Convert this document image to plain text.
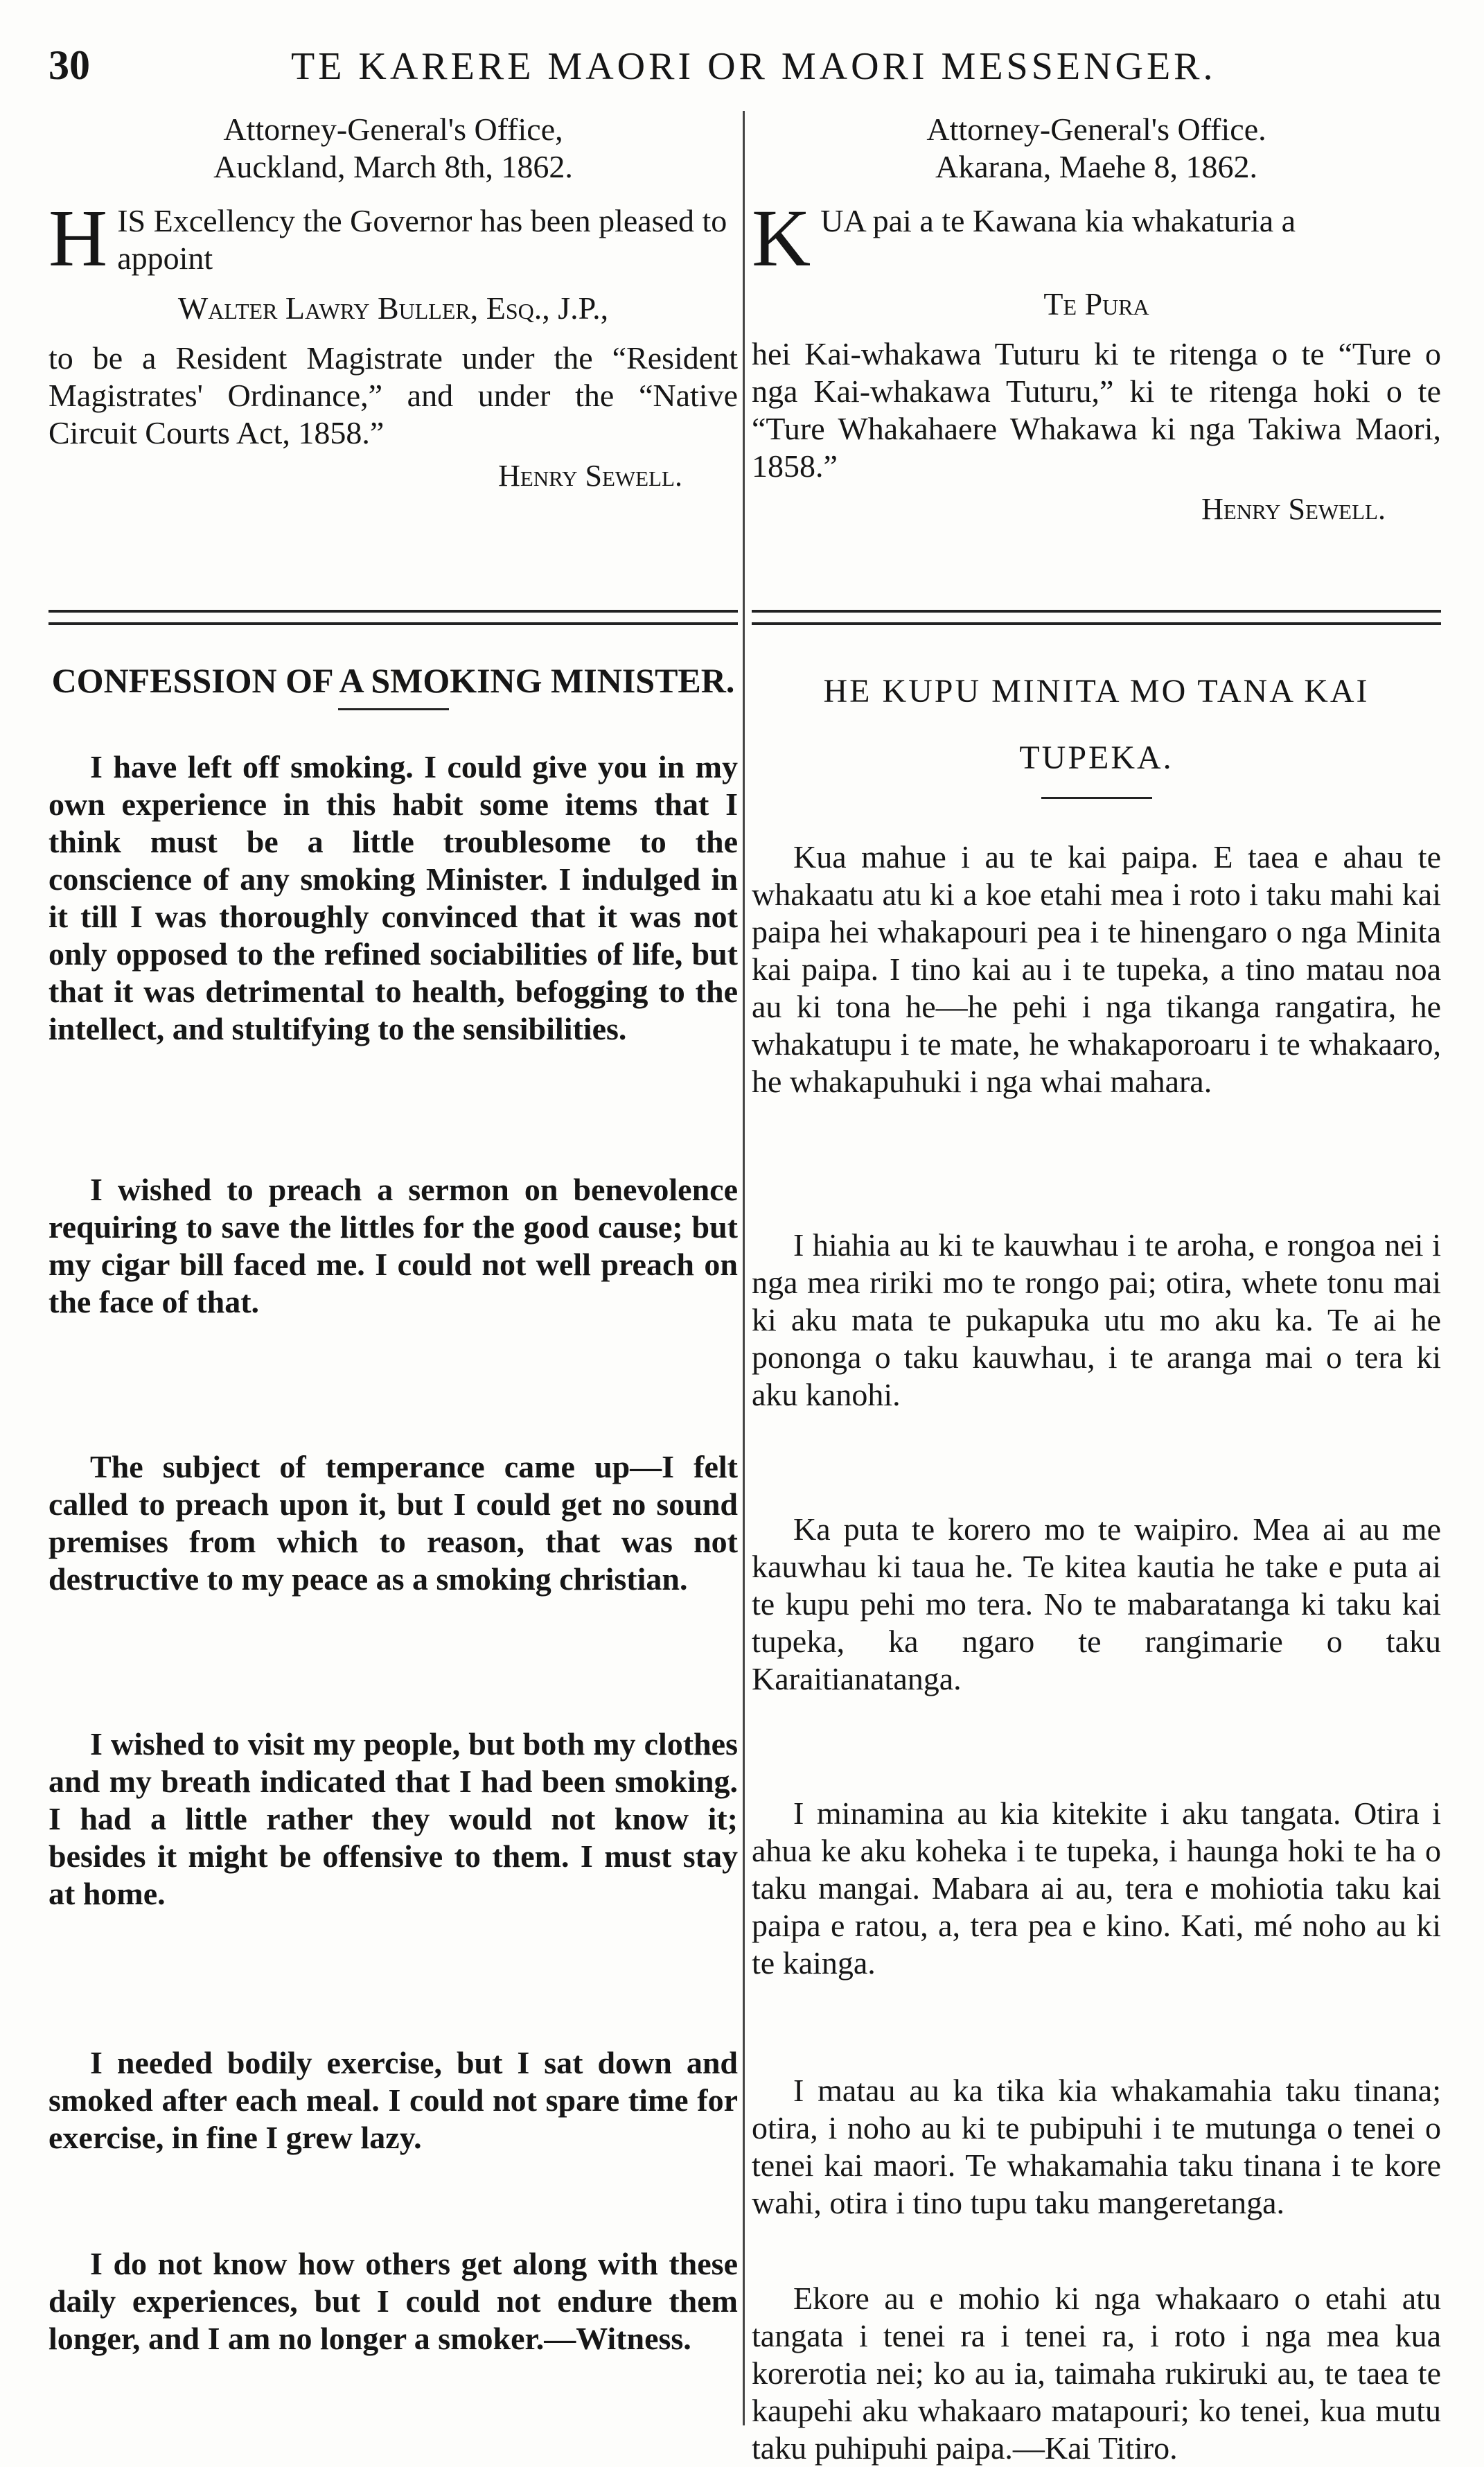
30	TE KARERE MAORI OR MAORI MESSENGER.
Attorney-General's Office,
Auckland, March 8th, 1862.

HIS Excellency the Governor has been pleased to appoint

Walter Lawry Buller, Esq., J.P.,

to be a Resident Magistrate under the “Resident Magistrates' Ordinance,” and under the “Native Circuit Courts Act, 1858.”

Henry Sewell.
CONFESSION OF A SMOKING MINISTER.

I have left off smoking. I could give you in my own experience in this habit some items that I think must be a little troublesome to the conscience of any smoking Minister. I indulged in it till I was thoroughly convinced that it was not only opposed to the refined sociabilities of life, but that it was detrimental to health, befogging to the intellect, and stultifying to the sensibilities.

I wished to preach a sermon on benevolence requiring to save the littles for the good cause; but my cigar bill faced me. I could not well preach on the face of that.

The subject of temperance came up—I felt called to preach upon it, but I could get no sound premises from which to reason, that was not destructive to my peace as a smoking christian.

I wished to visit my people, but both my clothes and my breath indicated that I had been smoking. I had a little rather they would not know it; besides it might be offensive to them. I must stay at home.

I needed bodily exercise, but I sat down and smoked after each meal. I could not spare time for exercise, in fine I grew lazy.

I do not know how others get along with these daily experiences, but I could not endure them longer, and I am no longer a smoker.—Witness.

Attorney-General's Office.
Akarana, Maehe 8, 1862.

KUA pai a te Kawana kia whakaturia a

Te Pura

hei Kai-whakawa Tuturu ki te ritenga o te “Ture o nga Kai-whakawa Tuturu,” ki te ritenga hoki o te “Ture Whakahaere Whakawa ki nga Takiwa Maori, 1858.”

Henry Sewell.
HE KUPU MINITA MO TANA KAI
TUPEKA.

Kua mahue i au te kai paipa. E taea e ahau te whakaatu atu ki a koe etahi mea i roto i taku mahi kai paipa hei whakapouri pea i te hinengaro o nga Minita kai paipa. I tino kai au i te tupeka, a tino matau noa au ki tona he—he pehi i nga tikanga rangatira, he whakatupu i te mate, he whakaporoaru i te whakaaro, he whakapuhuki i nga whai mahara.

I hiahia au ki te kauwhau i te aroha, e rongoa nei i nga mea ririki mo te rongo pai; otira, whete tonu mai ki aku mata te pukapuka utu mo aku ka. Te ai he pononga o taku kauwhau, i te aranga mai o tera ki aku kanohi.

Ka puta te korero mo te waipiro. Mea ai au me kauwhau ki taua he. Te kitea kautia he take e puta ai te kupu pehi mo tera. No te mabaratanga ki taku kai tupeka, ka ngaro te rangimarie o taku Karaitianatanga.

I minamina au kia kitekite i aku tangata. Otira i ahua ke aku koheka i te tupeka, i haunga hoki te ha o taku mangai. Mabara ai au, tera e mohiotia taku kai paipa e ratou, a, tera pea e kino. Kati, mé noho au ki te kainga.

I matau au ka tika kia whakamahia taku tinana; otira, i noho au ki te pubipuhi i te mutunga o tenei o tenei kai maori. Te whakamahia taku tinana i te kore wahi, otira i tino tupu taku mangeretanga.

Ekore au e mohio ki nga whakaaro o etahi atu tangata i tenei ra i tenei ra, i roto i nga mea kua korerotia nei; ko au ia, taimaha rukiruki au, te taea te kaupehi aku whakaaro matapouri; ko tenei, kua mutu taku puhipuhi paipa.—Kai Titiro.
